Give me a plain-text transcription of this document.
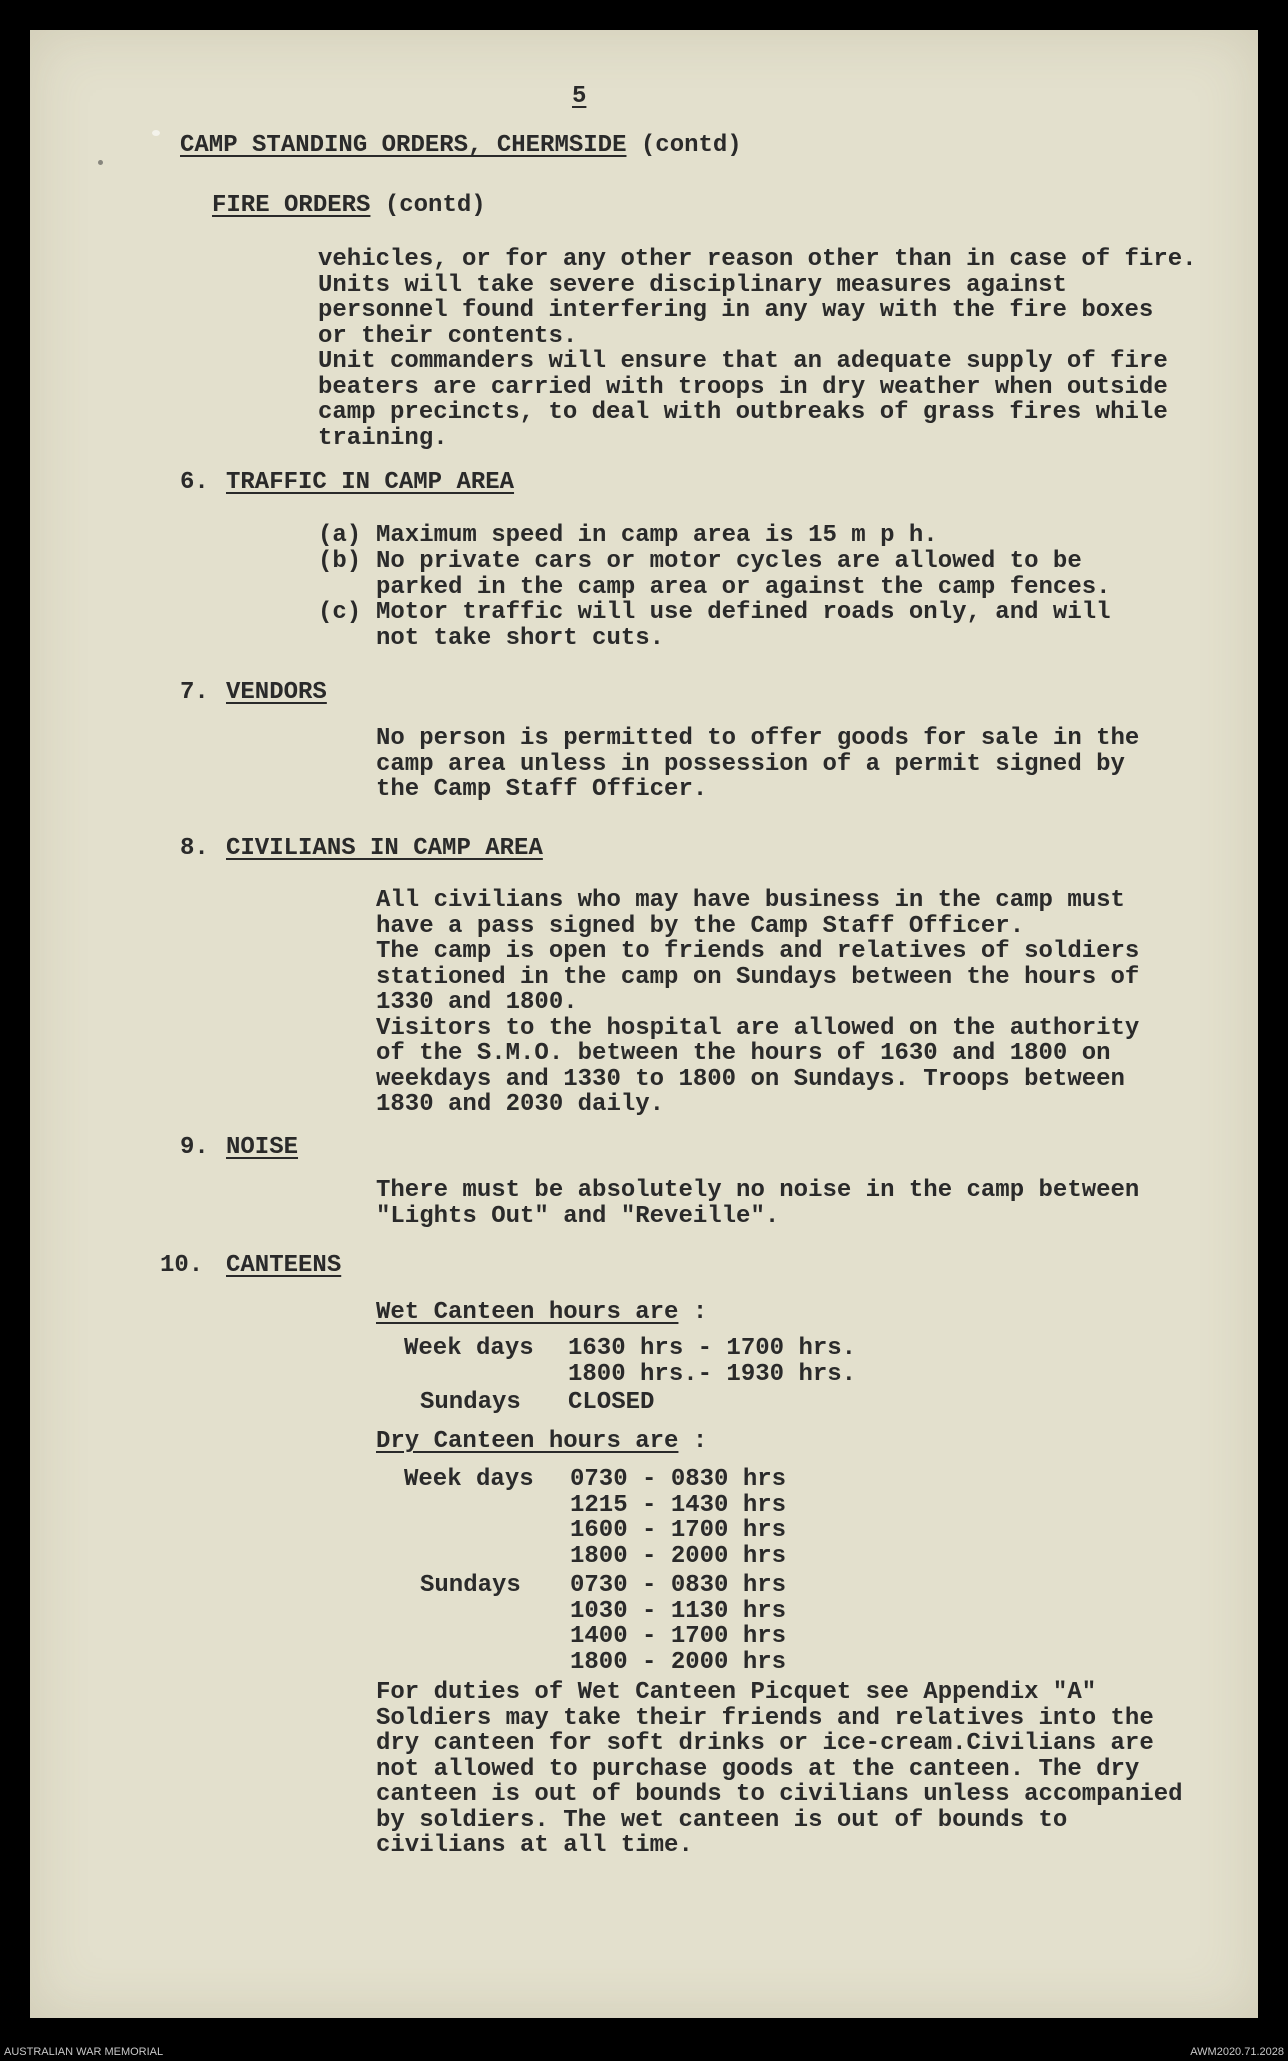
5
CAMP STANDING ORDERS, CHERMSIDE (contd)
FIRE ORDERS (contd)
vehicles, or for any other reason other than in case of fire.
Units will take severe disciplinary measures against
personnel found interfering in any way with the fire boxes
or their contents.
Unit commanders will ensure that an adequate supply of fire
beaters are carried with troops in dry weather when outside
camp precincts, to deal with outbreaks of grass fires while
training.
6. TRAFFIC IN CAMP AREA
(a) Maximum speed in camp area is 15 m p h.
(b) No private cars or motor cycles are allowed to be
parked in the camp area or against the camp fences.
(c) Motor traffic will use defined roads only, and will
not take short cuts.
7. VENDORS
No person is permitted to offer goods for sale in the
camp area unless in possession of a permit signed by
the Camp Staff Officer.
8. CIVILIANS IN CAMP AREA
All civilians who may have business in the camp must
have a pass signed by the Camp Staff Officer.
The camp is open to friends and relatives of soldiers
stationed in the camp on Sundays between the hours of
1330 and 1800.
Visitors to the hospital are allowed on the authority
of the S.M.O. between the hours of 1630 and 1800 on
weekdays and 1330 to 1800 on Sundays. Troops between
1830 and 2030 daily.
9. NOISE
There must be absolutely no noise in the camp between
"Lights Out" and "Reveille".
10. CANTEENS
Wet Canteen hours are :
Week days 1630 hrs - 1700 hrs.
1800 hrs.- 1930 hrs.
Sundays CLOSED
Dry Canteen hours are :
Week days 0730 - 0830 hrs
1215 - 1430 hrs
1600 - 1700 hrs
1800 - 2000 hrs
Sundays 0730 - 0830 hrs
1030 - 1130 hrs
1400 - 1700 hrs
1800 - 2000 hrs
For duties of Wet Canteen Picquet see Appendix "A"
Soldiers may take their friends and relatives into the
dry canteen for soft drinks or ice-cream.Civilians are
not allowed to purchase goods at the canteen. The dry
canteen is out of bounds to civilians unless accompanied
by soldiers. The wet canteen is out of bounds to
civilians at all time.
AUSTRALIAN WAR MEMORIAL	AWM2020.71.2028
